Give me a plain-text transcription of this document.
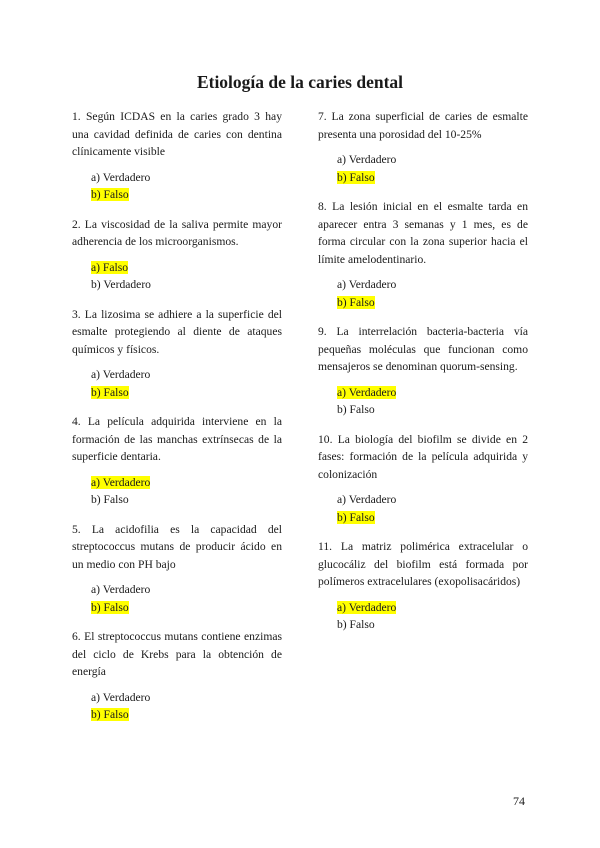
Etiología de la caries dental

1. Según ICDAS en la caries grado 3 hay una cavidad definida de caries con dentina clínicamente visible

a) Verdadero
b) Falso

2. La viscosidad de la saliva permite mayor adherencia de los microorganismos.

a) Falso
b) Verdadero

3. La lizosima se adhiere a la superficie del esmalte protegiendo al diente de ataques químicos y físicos.

a) Verdadero
b) Falso

4. La película adquirida interviene en la formación de las manchas extrínsecas de la superficie dentaria.

a) Verdadero
b) Falso

5. La acidofilia es la capacidad del streptococcus mutans de producir ácido en un medio con PH bajo

a) Verdadero
b) Falso

6. El streptococcus mutans contiene enzimas del ciclo de Krebs para la obtención de energía

a) Verdadero
b) Falso

7. La zona superficial de caries de esmalte presenta una porosidad del 10-25%

a) Verdadero
b) Falso

8. La lesión inicial en el esmalte tarda en aparecer entra 3 semanas y 1 mes, es de forma circular con la zona superior hacia el límite amelodentinario.

a) Verdadero
b) Falso

9. La interrelación bacteria-bacteria vía pequeñas moléculas que funcionan como mensajeros se denominan quorum-sensing.

a) Verdadero
b) Falso

10. La biología del biofilm se divide en 2 fases: formación de la película adquirida y colonización

a) Verdadero
b) Falso

11. La matriz polimérica extracelular o glucocáliz del biofilm está formada por polímeros extracelulares (exopolisacáridos)

a) Verdadero
b) Falso
74
